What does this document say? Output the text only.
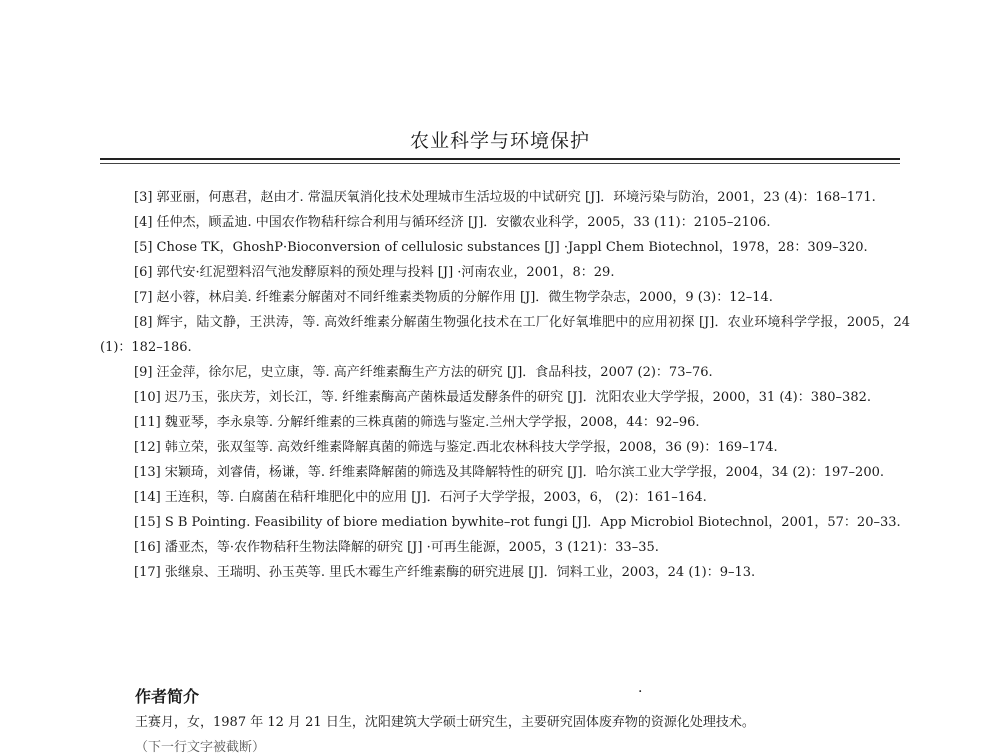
农业科学与环境保护
[3] 郭亚丽，何惠君，赵由才. 常温厌氧消化技术处理城市生活垃圾的中试研究 [J]．环境污染与防治，2001，23 (4)：168–171.
[4] 任仲杰，顾孟迪. 中国农作物秸秆综合利用与循环经济 [J]．安徽农业科学，2005，33 (11)：2105–2106.
[5] Chose TK，GhoshP·Bioconversion of cellulosic substances [J] ·Jappl Chem Biotechnol，1978，28：309–320.
[6] 郭代安·红泥塑料沼气池发酵原料的预处理与投料 [J] ·河南农业，2001，8：29.
[7] 赵小蓉，林启美. 纤维素分解菌对不同纤维素类物质的分解作用 [J]．微生物学杂志，2000，9 (3)：12–14.
[8] 辉宇，陆文静，王洪涛，等. 高效纤维素分解菌生物强化技术在工厂化好氧堆肥中的应用初探 [J]．农业环境科学学报，2005，24 (1)：182–186.
[9] 汪金萍，徐尔尼，史立康，等. 高产纤维素酶生产方法的研究 [J]．食品科技，2007 (2)：73–76.
[10] 迟乃玉，张庆芳，刘长江，等. 纤维素酶高产菌株最适发酵条件的研究 [J]．沈阳农业大学学报，2000，31 (4)：380–382.
[11] 魏亚琴，李永泉等. 分解纤维素的三株真菌的筛选与鉴定.兰州大学学报，2008，44：92–96.
[12] 韩立荣，张双玺等. 高效纤维素降解真菌的筛选与鉴定.西北农林科技大学学报，2008，36 (9)：169–174.
[13] 宋颖琦，刘睿倩，杨谦，等. 纤维素降解菌的筛选及其降解特性的研究 [J]．哈尔滨工业大学学报，2004，34 (2)：197–200.
[14] 王连积，等. 白腐菌在秸秆堆肥化中的应用 [J]．石河子大学学报，2003，6， (2)：161–164.
[15] S B Pointing. Feasibility of biore mediation bywhite–rot fungi [J]．App Microbiol Biotechnol，2001，57：20–33.
[16] 潘亚杰，等·农作物秸秆生物法降解的研究 [J] ·可再生能源，2005，3 (121)：33–35.
[17] 张继泉、王瑞明、孙玉英等. 里氏木霉生产纤维素酶的研究进展 [J]．饲料工业，2003，24 (1)：9–13.
作者简介	·
王赛月，女，1987 年 12 月 21 日生，沈阳建筑大学硕士研究生，主要研究固体废弃物的资源化处理技术。
（下一行文字被截断）
